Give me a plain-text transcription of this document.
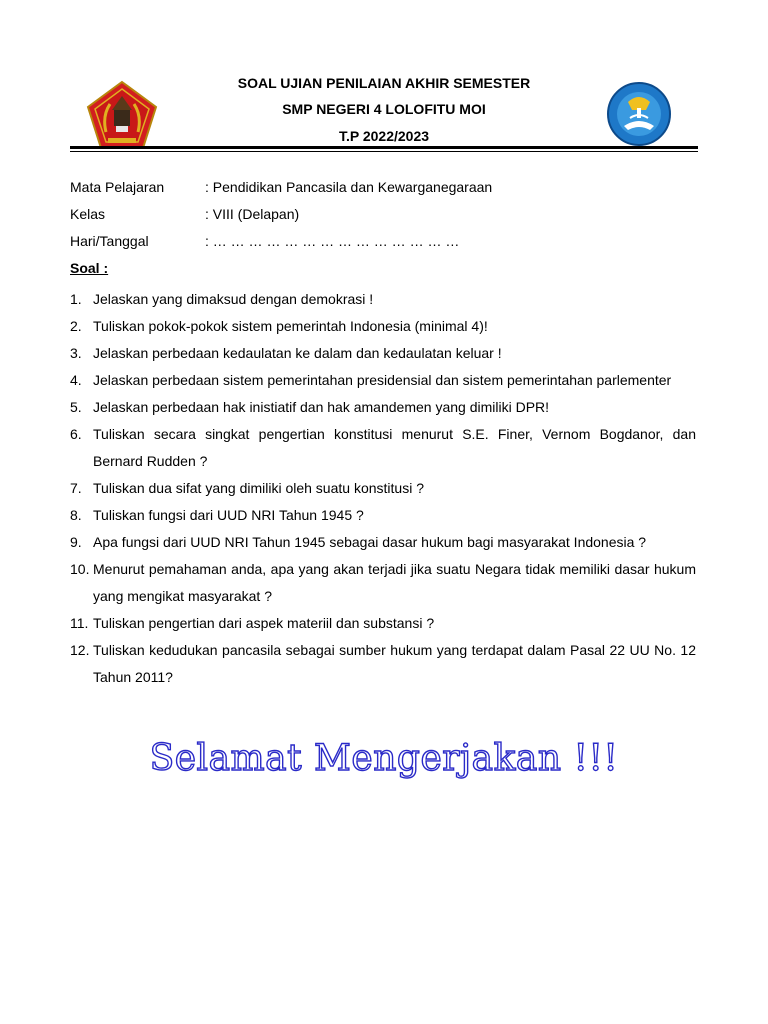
SOAL UJIAN PENILAIAN AKHIR SEMESTER
SMP NEGERI 4 LOLOFITU MOI
T.P 2022/2023
Mata Pelajaran	: Pendidikan Pancasila dan Kewarganegaraan
Kelas	: VIII (Delapan)
Hari/Tanggal	: … … … … … … … … … … … … … …
Soal :
1. Jelaskan yang dimaksud dengan demokrasi !
2. Tuliskan pokok-pokok sistem pemerintah Indonesia (minimal 4)!
3. Jelaskan perbedaan kedaulatan ke dalam dan kedaulatan keluar !
4. Jelaskan perbedaan sistem pemerintahan presidensial dan sistem pemerintahan parlementer
5. Jelaskan perbedaan hak inistiatif dan hak amandemen yang dimiliki DPR!
6. Tuliskan secara singkat pengertian konstitusi menurut S.E. Finer, Vernom Bogdanor, dan Bernard Rudden ?
7. Tuliskan dua sifat yang dimiliki oleh suatu konstitusi ?
8. Tuliskan fungsi dari UUD NRI Tahun 1945 ?
9. Apa fungsi dari UUD NRI Tahun 1945 sebagai dasar hukum bagi masyarakat Indonesia ?
10. Menurut pemahaman anda, apa yang akan terjadi jika suatu Negara tidak memiliki dasar hukum yang mengikat masyarakat ?
11. Tuliskan pengertian dari aspek materiil dan substansi ?
12. Tuliskan kedudukan pancasila sebagai sumber hukum yang terdapat dalam Pasal 22 UU No. 12 Tahun 2011?
Selamat Mengerjakan !!!
